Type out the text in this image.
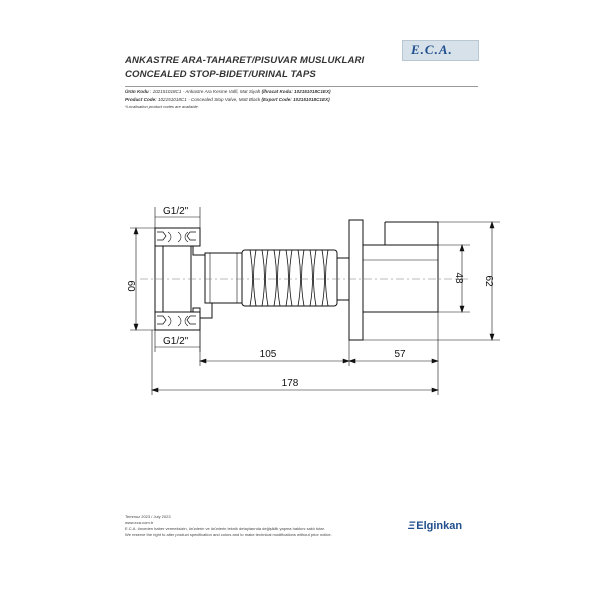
ANKASTRE ARA-TAHARET/PISUVAR MUSLUKLARI
CONCEALED STOP-BIDET/URINAL TAPS
E.C.A.
Ürün Kodu : 102151018C1 - Ankastre Ara Kesme Valfi, Mat Siyah (İhracat Kodu: 102151018C1EX)
Product Code: 102151018C1 - Concealed Stop Valve, Matt Black (Export Code: 102151018C1EX)
*Localisation product codes are available.
G1/2"
G1/2"
60
48 62
105	57
178
Temmuz 2023 / July 2023
www.eca.com.tr
E.C.A. önceden haber vermeksizin, ürünlerin ve ürünlerin teknik detaylarında değişiklik yapma hakkını saklı tutar.
We reserve the right to alter product specification and colors and to make technical modifications without prior notice.
ΞElginkan
